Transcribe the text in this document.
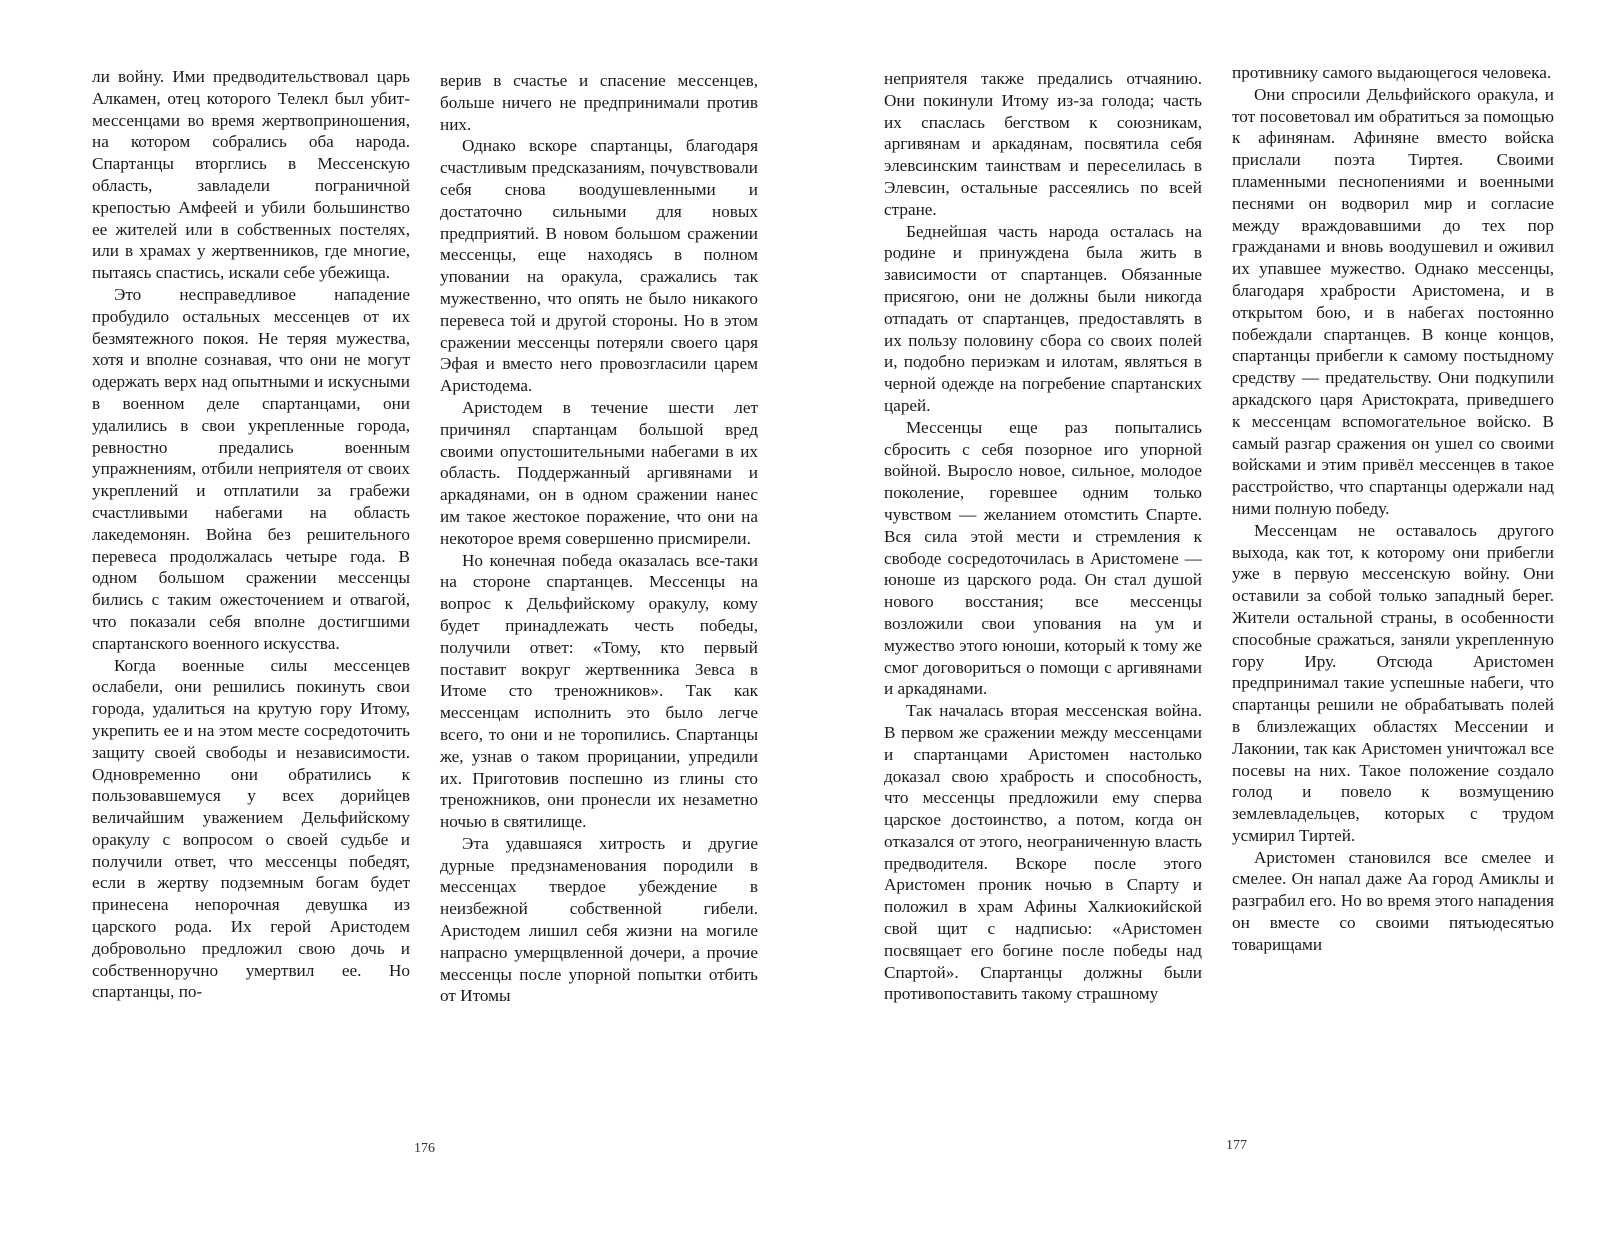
ли войну. Ими предводительствовал царь Алкамен, отец которого Телекл был убит- мессенцами во время жертвоприношения, на котором собрались оба народа. Спартанцы вторглись в Мессенскую область, завладели пограничной крепостью Амфеей и убили большинство ее жителей или в собственных постелях, или в храмах у жертвенников, где многие, пытаясь спастись, искали себе убежища.

Это несправедливое нападение пробудило остальных мессенцев от их безмятежного покоя. Не теряя мужества, хотя и вполне сознавая, что они не могут одержать верх над опытными и искусными в военном деле спартанцами, они удалились в свои укрепленные города, ревностно предались военным упражнениям, отбили неприятеля от своих укреплений и отплатили за грабежи счастливыми набегами на область лакедемонян. Война без решительного перевеса продолжалась четыре года. В одном большом сражении мессенцы бились с таким ожесточением и отвагой, что показали себя вполне достигшими спартанского военного искусства.

Когда военные силы мессенцев ослабели, они решились покинуть свои города, удалиться на крутую гору Итому, укрепить ее и на этом месте сосредоточить защиту своей свободы и независимости. Одновременно они обратились к пользовавшемуся у всех дорийцев величайшим уважением Дельфийскому оракулу с вопросом о своей судьбе и получили ответ, что мессенцы победят, если в жертву подземным богам будет принесена непорочная девушка из царского рода. Их герой Аристодем добровольно предложил свою дочь и собственноручно умертвил ее. Но спартанцы, по-

верив в счастье и спасение мессенцев, больше ничего не предпринимали против них.

Однако вскоре спартанцы, благодаря счастливым предсказаниям, почувствовали себя снова воодушевленными и достаточно сильными для новых предприятий. В новом большом сражении мессенцы, еще находясь в полном уповании на оракула, сражались так мужественно, что опять не было никакого перевеса той и другой стороны. Но в этом сражении мессенцы потеряли своего царя Эфая и вместо него провозгласили царем Аристодема.

Аристодем в течение шести лет причинял спартанцам большой вред своими опустошительными набегами в их область. Поддержанный аргивянами и аркадянами, он в одном сражении нанес им такое жестокое поражение, что они на некоторое время совершенно присмирели.

Но конечная победа оказалась все-таки на стороне спартанцев. Мессенцы на вопрос к Дельфийскому оракулу, кому будет принадлежать честь победы, получили ответ: «Тому, кто первый поставит вокруг жертвенника Зевса в Итоме сто треножников». Так как мессенцам исполнить это было легче всего, то они и не торопились. Спартанцы же, узнав о таком прорицании, упредили их. Приготовив поспешно из глины сто треножников, они пронесли их незаметно ночью в святилище.

Эта удавшаяся хитрость и другие дурные предзнаменования породили в мессенцах твердое убеждение в неизбежной собственной гибели. Аристодем лишил себя жизни на могиле напрасно умерщвленной дочери, а прочие мессенцы после упорной попытки отбить от Итомы

176

неприятеля также предались отчаянию. Они покинули Итому из-за голода; часть их спаслась бегством к союзникам, аргивянам и аркадянам, посвятила себя элевсинским таинствам и переселилась в Элевсин, остальные рассеялись по всей стране.

Беднейшая часть народа осталась на родине и принуждена была жить в зависимости от спартанцев. Обязанные присягою, они не должны были никогда отпадать от спартанцев, предоставлять в их пользу половину сбора со своих полей и, подобно периэкам и илотам, являться в черной одежде на погребение спартанских царей.

Мессенцы еще раз попытались сбросить с себя позорное иго упорной войной. Выросло новое, сильное, молодое поколение, горевшее одним только чувством — желанием отомстить Спарте. Вся сила этой мести и стремления к свободе сосредоточилась в Аристомене — юноше из царского рода. Он стал душой нового восстания; все мессенцы возложили свои упования на ум и мужество этого юноши, который к тому же смог договориться о помощи с аргивянами и аркадянами.

Так началась вторая мессенская война. В первом же сражении между мессенцами и спартанцами Аристомен настолько доказал свою храбрость и способность, что мессенцы предложили ему сперва царское достоинство, а потом, когда он отказался от этого, неограниченную власть предводителя. Вскоре после этого Аристомен проник ночью в Спарту и положил в храм Афины Халкиокийской свой щит с надписью: «Аристомен посвящает его богине после победы над Спартой». Спартанцы должны были противопоставить такому страшному

противнику самого выдающегося человека.

Они спросили Дельфийского оракула, и тот посоветовал им обратиться за помощью к афинянам. Афиняне вместо войска прислали поэта Тиртея. Своими пламенными песнопениями и военными песнями он водворил мир и согласие между враждовавшими до тех пор гражданами и вновь воодушевил и оживил их упавшее мужество. Однако мессенцы, благодаря храбрости Аристомена, и в открытом бою, и в набегах постоянно побеждали спартанцев. В конце концов, спартанцы прибегли к самому постыдному средству — предательству. Они подкупили аркадского царя Аристократа, приведшего к мессенцам вспомогательное войско. В самый разгар сражения он ушел со своими войсками и этим привёл мессенцев в такое расстройство, что спартанцы одержали над ними полную победу.

Мессенцам не оставалось другого выхода, как тот, к которому они прибегли уже в первую мессенскую войну. Они оставили за собой только западный берег. Жители остальной страны, в особенности способные сражаться, заняли укрепленную гору Иру. Отсюда Аристомен предпринимал такие успешные набеги, что спартанцы решили не обрабатывать полей в близлежащих областях Мессении и Лаконии, так как Аристомен уничтожал все посевы на них. Такое положение создало голод и повело к возмущению землевладельцев, которых с трудом усмирил Тиртей.

Аристомен становился все смелее и смелее. Он напал даже Аа город Амиклы и разграбил его. Но во время этого нападения он вместе со своими пятьюдесятью товарищами

177
